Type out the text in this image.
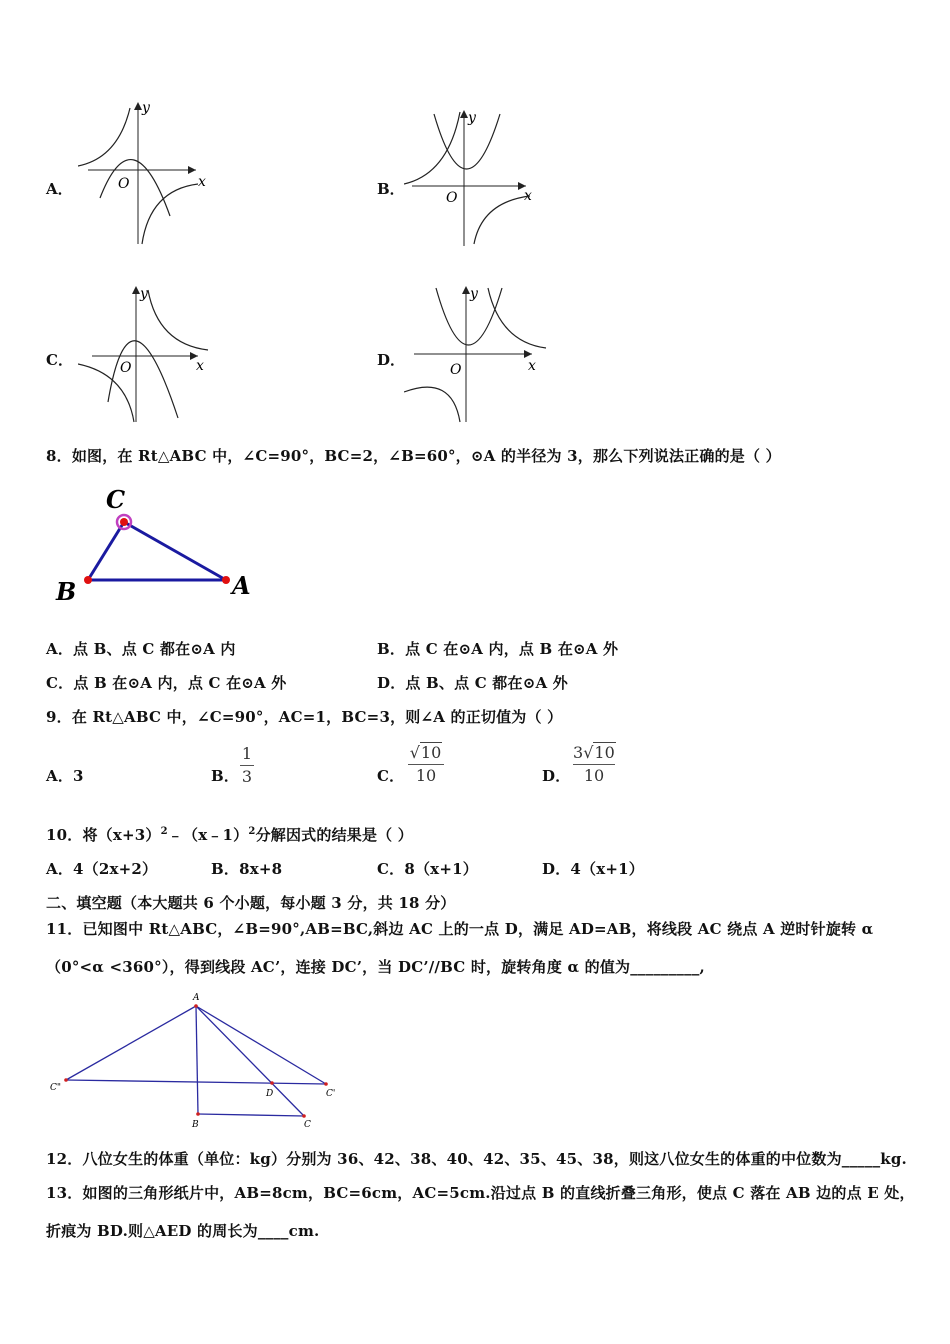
A．	x
y
O	B．	x
y
O
C．	x
y
O	D．	x
y
O
8．如图，在 Rt△ABC 中，∠C=90°，BC=2，∠B=60°，⊙A 的半径为 3，那么下列说法正确的是（ ）
C
B	A
A．点 B、点 C 都在⊙A 内	B．点 C 在⊙A 内，点 B 在⊙A 外
C．点 B 在⊙A 内，点 C 在⊙A 外	D．点 B、点 C 都在⊙A 外
9．在 Rt△ABC 中，∠C=90°，AC=1，BC=3，则∠A 的正切值为（ ）
A．3	B．
1
3	C．
√10
10	D．
3√10
10
10．将$(x+3)^2﹣(x﹣1)^2$分解因式的结果是（ ）
A．4（2x+2）	B．8x+8	C．8（x+1）	D．4（x+1）
二、填空题（本大题共 6 个小题，每小题 3 分，共 18 分）
11．已知图中 Rt△ABC，∠B=90°,AB=BC,斜边 AC 上的一点 D，满足 AD=AB，将线段 AC 绕点 A 逆时针旋转 α
（0°<α <360°），得到线段 AC’，连接 DC’，当 DC’//BC 时，旋转角度 α 的值为_________,
A
C"
C'
D
B	C
12．八位女生的体重（单位：kg）分别为 36、42、38、40、42、35、45、38，则这八位女生的体重的中位数为_____kg.
13．如图的三角形纸片中，AB=8cm，BC=6cm，AC=5cm.沿过点 B 的直线折叠三角形，使点 C 落在 AB 边的点 E 处，
折痕为 BD.则△AED 的周长为____cm.
